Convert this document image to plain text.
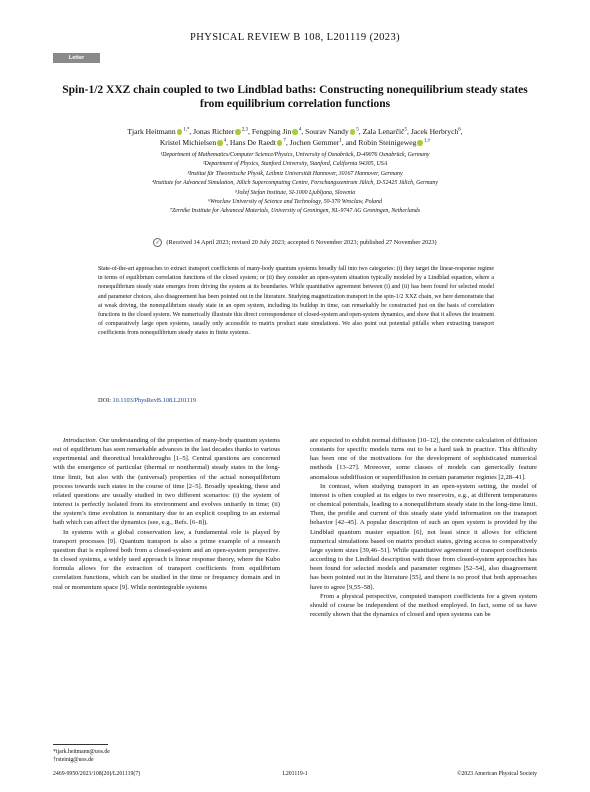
PHYSICAL REVIEW B 108, L201119 (2023)
Letter
Spin-1/2 XXZ chain coupled to two Lindblad baths: Constructing nonequilibrium steady states
from equilibrium correlation functions
Tjark Heitmann $^{1,*}$, Jonas Richter $^{2,3}$, Fengping Jin $^4$, Sourav Nandy $^5$, Zala Lenarčič$^5$, Jacek Herbrych$^6$,
Kristel Michielsen $^4$, Hans De Raedt $^7$, Jochen Gemmer$^1$, and Robin Steinigeweg $^{1,\dagger}$
¹Department of Mathematics/Computer Science/Physics, University of Osnabrück, D-49076 Osnabrück, Germany
²Department of Physics, Stanford University, Stanford, California 94305, USA
³Institut für Theoretische Physik, Leibniz Universität Hannover, 30167 Hannover, Germany
⁴Institute for Advanced Simulation, Jülich Supercomputing Centre, Forschungszentrum Jülich, D-52425 Jülich, Germany
⁵Jožef Stefan Institute, SI-1000 Ljubljana, Slovenia
⁶Wroclaw University of Science and Technology, 50-370 Wroclaw, Poland
⁷Zernike Institute for Advanced Materials, University of Groningen, NL-9747 AG Groningen, Netherlands
✓ (Received 14 April 2023; revised 20 July 2023; accepted 6 November 2023; published 27 November 2023)
State-of-the-art approaches to extract transport coefficients of many-body quantum systems broadly fall into two categories: (i) they target the linear-response regime in terms of equilibrium correlation functions of the closed system; or (ii) they consider an open-system situation typically modeled by a Lindblad equation, where a nonequilibrium steady state emerges from driving the system at its boundaries. While quantitative agreement between (i) and (ii) has been found for selected model and parameter choices, also disagreement has been pointed out in the literature. Studying magnetization transport in the spin-1/2 XXZ chain, we here demonstrate that at weak driving, the nonequilibrium steady state in an open system, including its buildup in time, can remarkably be constructed just on the basis of correlation functions in the closed system. We numerically illustrate this direct correspondence of closed-system and open-system dynamics, and show that it allows the treatment of comparatively large open systems, usually only accessible to matrix product state simulations. We also point out potential pitfalls when extracting transport coefficients from nonequilibrium steady states in finite systems.
DOI: 10.1103/PhysRevB.108.L201119

Introduction. Our understanding of the properties of many-body quantum systems out of equilibrium has seen remarkable advances in the last decades thanks to various experimental and theoretical breakthroughs [1–5]. Central questions are concerned with the emergence of particular (thermal or nonthermal) steady states in the long-time limit, but also with the (universal) properties of the actual nonequilibrium process towards such states in the course of time [2–5]. Broadly speaking, these and related questions are usually studied in two different scenarios: (i) the system of interest is perfectly isolated from its environment and evolves unitarily in time; (ii) the system’s time evolution is nonunitary due to an explicit coupling to an external bath which can affect the dynamics (see, e.g., Refs. [6–8]).

In systems with a global conservation law, a fundamental role is played by transport processes [9]. Quantum transport is also a prime example of a research question that is explored both from a closed-system and an open-system perspective. In closed systems, a widely used approach is linear response theory, where the Kubo formula allows for the extraction of transport coefficients from equilibrium correlation functions, which can be studied in the time or frequency domain and in real or momentum space [9]. While nonintegrable systems

are expected to exhibit normal diffusion [10–12], the concrete calculation of diffusion constants for specific models turns out to be a hard task in practice. This difficulty has been one of the motivations for the development of sophisticated numerical methods [13–27]. Moreover, some classes of models can generically feature anomalous subdiffusion or superdiffusion in certain parameter regimes [2,28–41].

In contrast, when studying transport in an open-system setting, the model of interest is often coupled at its edges to two reservoirs, e.g., at different temperatures or chemical potentials, leading to a nonequilibrium steady state in the long-time limit. Then, the profile and current of this steady state yield information on the transport behavior [42–45]. A popular description of such an open system is provided by the Lindblad quantum master equation [6], not least since it allows for efficient numerical simulations based on matrix product states, giving access to comparatively large system sizes [39,46–51]. While quantitative agreement of transport coefficients according to the Lindblad description with those from closed-system approaches has been found for selected models and parameter regimes [52–54], also disagreement has been pointed out in the literature [55], and there is no proof that both approaches have to agree [9,55–58].

From a physical perspective, computed transport coefficients for a given system should of course be independent of the method employed. In fact, some of us have recently shown that the dynamics of closed and open systems can be

*tjark.heitmann@uos.de
†rsteinig@uos.de
2469-9950/2023/108(20)/L201119(7)	L201119-1	©2023 American Physical Society
